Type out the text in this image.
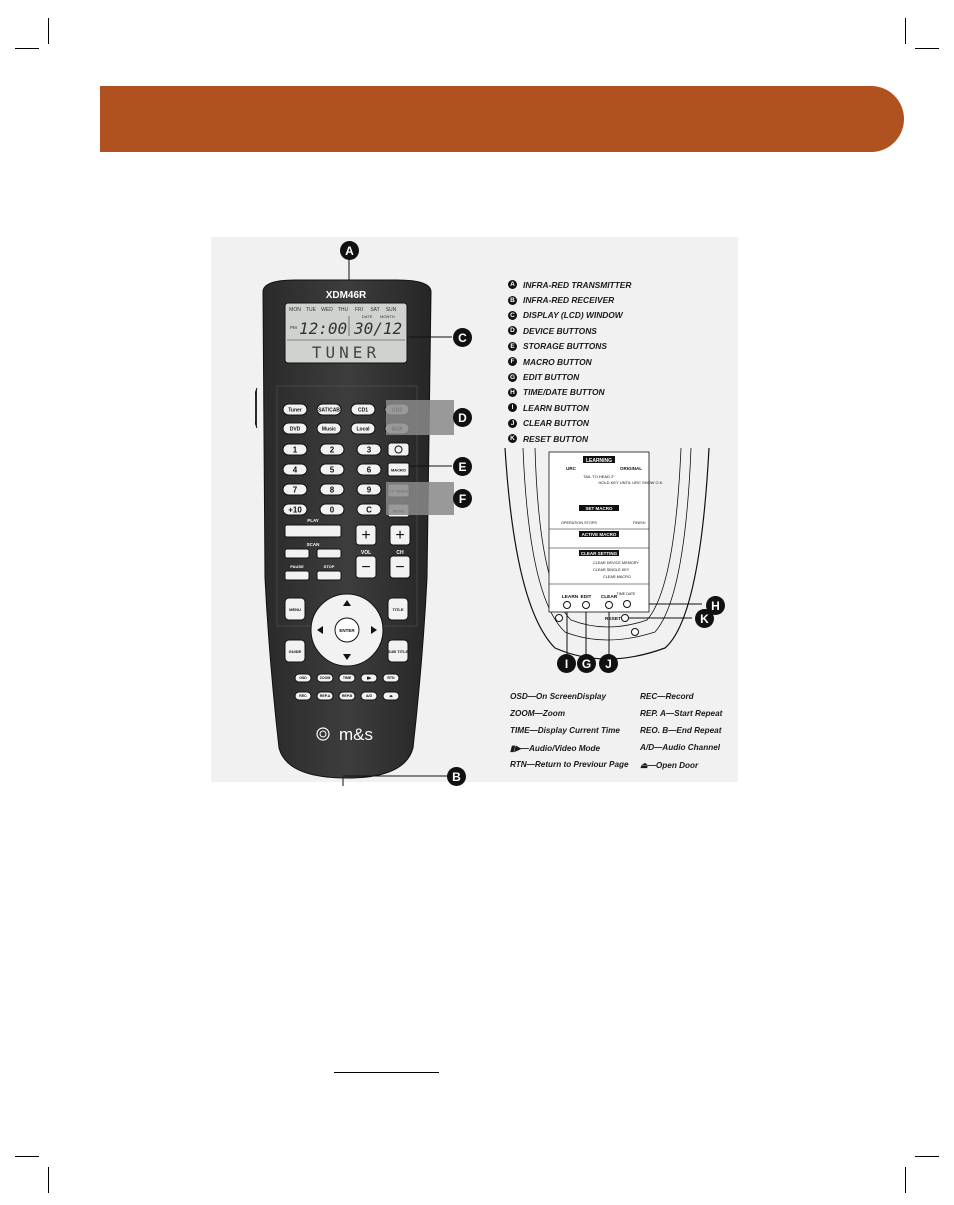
XDM46R
MON TUE WED THU FRI SAT SUN
PM 12:00
DATE MONTH
30/12
TUNER
Tuner	SAT/CAB	CD1
DVD	Music	Local
1	2	3
4	5	6
7	8	9
+10	0	C
MACRO
PLAY
SCAN
PAUSE	STOP
+
−
+
−
VOL	CH
MENU	TITLE
GUIDE	SUB TITLE
ENTER
OSD	ZOOM	TIME	▮▶	RTN
REC	REP.A	REP.B	A/D	⏏
m&s
A
C
D
E
F
B
H
K
I	G	J
A INFRA-RED TRANSMITTER
B INFRA-RED RECEIVER
C DISPLAY (LCD) WINDOW
D DEVICE BUTTONS
E STORAGE BUTTONS
F MACRO BUTTON
G EDIT BUTTON
H TIME/DATE BUTTON
I	LEARN BUTTON
J	CLEAR BUTTON
K RESET BUTTON
LEARNING
URC	ORIGINAL
TAIL TO HEAD 2"
HOLD KEY UNTIL URC SHOW O.K.
SET MACRO
OPERATION STOPS	FINISH
ACTIVE MACRO
CLEAR SETTING
CLEAR DEVICE MEMORY
CLEAR SINGLE KEY
CLEAR MACRO
LEARN EDIT CLEAR
TIME DATE
RESET
OSD—On ScreenDisplay	REC—Record
ZOOM—Zoom	REP. A—Start Repeat
TIME—Display Current Time REO. B—End Repeat
▮▶—Audio/Video Mode	A/D—Audio Channel
RTN—Return to Previour Page ⏏—Open Door
